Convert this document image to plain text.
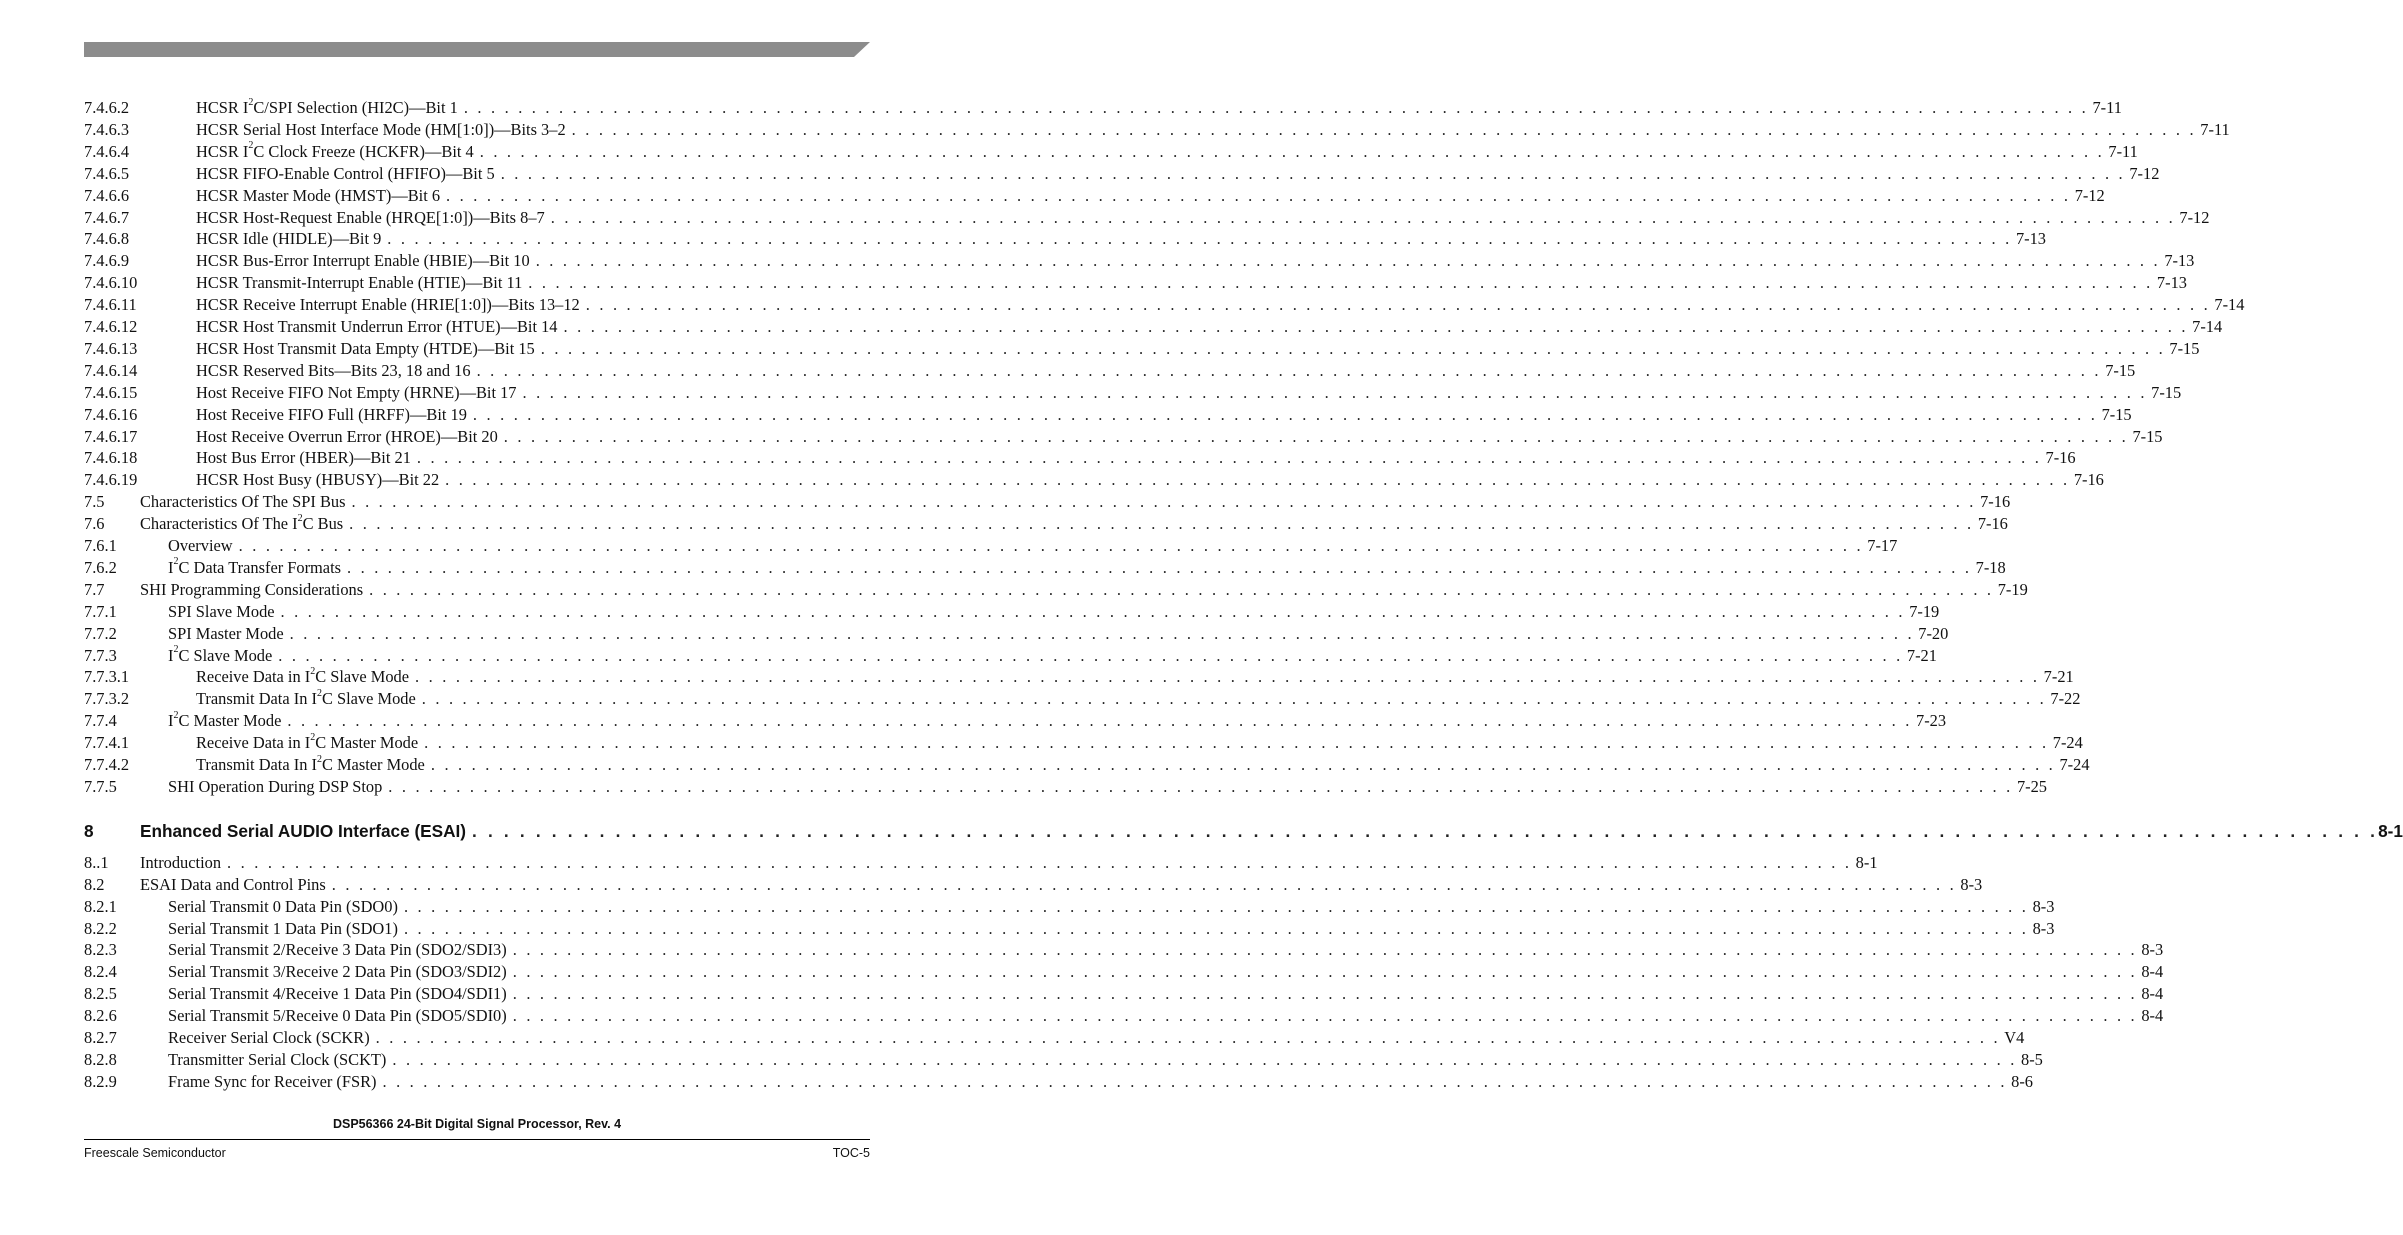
7.4.6.2	HCSR $I^2C$/SPI Selection (HI2C)—Bit 1 . . . . . . . . . . . . . . . . . . . . . . . . . . . . . . . . . . . . . . . . . . . . . . . . . . . . . . . . . . . . . . . . . . . . . . . . . . . . . . . . . . . . . . . . . . . . . . . . . . . . . . . . . . . . . . . . . . . . . . . . 7-11
7.4.6.3	HCSR Serial Host Interface Mode (HM[1:0])—Bits 3–2 . . . . . . . . . . . . . . . . . . . . . . . . . . . . . . . . . . . . . . . . . . . . . . . . . . . . . . . . . . . . . . . . . . . . . . . . . . . . . . . . . . . . . . . . . . . . . . . . . . . . . . . . . . . . . . . . . . . . . . . . 7-11
7.4.6.4	HCSR $I^2C$ Clock Freeze (HCKFR)—Bit 4 . . . . . . . . . . . . . . . . . . . . . . . . . . . . . . . . . . . . . . . . . . . . . . . . . . . . . . . . . . . . . . . . . . . . . . . . . . . . . . . . . . . . . . . . . . . . . . . . . . . . . . . . . . . . . . . . . . . . . . . . 7-11
7.4.6.5	HCSR FIFO-Enable Control (HFIFO)—Bit 5 . . . . . . . . . . . . . . . . . . . . . . . . . . . . . . . . . . . . . . . . . . . . . . . . . . . . . . . . . . . . . . . . . . . . . . . . . . . . . . . . . . . . . . . . . . . . . . . . . . . . . . . . . . . . . . . . . . . . . . . . 7-12
7.4.6.6	HCSR Master Mode (HMST)—Bit 6 . . . . . . . . . . . . . . . . . . . . . . . . . . . . . . . . . . . . . . . . . . . . . . . . . . . . . . . . . . . . . . . . . . . . . . . . . . . . . . . . . . . . . . . . . . . . . . . . . . . . . . . . . . . . . . . . . . . . . . . . 7-12
7.4.6.7	HCSR Host-Request Enable (HRQE[1:0])—Bits 8–7 . . . . . . . . . . . . . . . . . . . . . . . . . . . . . . . . . . . . . . . . . . . . . . . . . . . . . . . . . . . . . . . . . . . . . . . . . . . . . . . . . . . . . . . . . . . . . . . . . . . . . . . . . . . . . . . . . . . . . . . . 7-12
7.4.6.8	HCSR Idle (HIDLE)—Bit 9 . . . . . . . . . . . . . . . . . . . . . . . . . . . . . . . . . . . . . . . . . . . . . . . . . . . . . . . . . . . . . . . . . . . . . . . . . . . . . . . . . . . . . . . . . . . . . . . . . . . . . . . . . . . . . . . . . . . . . . . . 7-13
7.4.6.9	HCSR Bus-Error Interrupt Enable (HBIE)—Bit 10 . . . . . . . . . . . . . . . . . . . . . . . . . . . . . . . . . . . . . . . . . . . . . . . . . . . . . . . . . . . . . . . . . . . . . . . . . . . . . . . . . . . . . . . . . . . . . . . . . . . . . . . . . . . . . . . . . . . . . . . . 7-13
7.4.6.10	HCSR Transmit-Interrupt Enable (HTIE)—Bit 11 . . . . . . . . . . . . . . . . . . . . . . . . . . . . . . . . . . . . . . . . . . . . . . . . . . . . . . . . . . . . . . . . . . . . . . . . . . . . . . . . . . . . . . . . . . . . . . . . . . . . . . . . . . . . . . . . . . . . . . . . 7-13
7.4.6.11	HCSR Receive Interrupt Enable (HRIE[1:0])—Bits 13–12 . . . . . . . . . . . . . . . . . . . . . . . . . . . . . . . . . . . . . . . . . . . . . . . . . . . . . . . . . . . . . . . . . . . . . . . . . . . . . . . . . . . . . . . . . . . . . . . . . . . . . . . . . . . . . . . . . . . . . . . . 7-14
7.4.6.12	HCSR Host Transmit Underrun Error (HTUE)—Bit 14 . . . . . . . . . . . . . . . . . . . . . . . . . . . . . . . . . . . . . . . . . . . . . . . . . . . . . . . . . . . . . . . . . . . . . . . . . . . . . . . . . . . . . . . . . . . . . . . . . . . . . . . . . . . . . . . . . . . . . . . . 7-14
7.4.6.13	HCSR Host Transmit Data Empty (HTDE)—Bit 15 . . . . . . . . . . . . . . . . . . . . . . . . . . . . . . . . . . . . . . . . . . . . . . . . . . . . . . . . . . . . . . . . . . . . . . . . . . . . . . . . . . . . . . . . . . . . . . . . . . . . . . . . . . . . . . . . . . . . . . . . 7-15
7.4.6.14	HCSR Reserved Bits—Bits 23, 18 and 16 . . . . . . . . . . . . . . . . . . . . . . . . . . . . . . . . . . . . . . . . . . . . . . . . . . . . . . . . . . . . . . . . . . . . . . . . . . . . . . . . . . . . . . . . . . . . . . . . . . . . . . . . . . . . . . . . . . . . . . . . 7-15
7.4.6.15	Host Receive FIFO Not Empty (HRNE)—Bit 17 . . . . . . . . . . . . . . . . . . . . . . . . . . . . . . . . . . . . . . . . . . . . . . . . . . . . . . . . . . . . . . . . . . . . . . . . . . . . . . . . . . . . . . . . . . . . . . . . . . . . . . . . . . . . . . . . . . . . . . . . 7-15
7.4.6.16	Host Receive FIFO Full (HRFF)—Bit 19 . . . . . . . . . . . . . . . . . . . . . . . . . . . . . . . . . . . . . . . . . . . . . . . . . . . . . . . . . . . . . . . . . . . . . . . . . . . . . . . . . . . . . . . . . . . . . . . . . . . . . . . . . . . . . . . . . . . . . . . . 7-15
7.4.6.17	Host Receive Overrun Error (HROE)—Bit 20 . . . . . . . . . . . . . . . . . . . . . . . . . . . . . . . . . . . . . . . . . . . . . . . . . . . . . . . . . . . . . . . . . . . . . . . . . . . . . . . . . . . . . . . . . . . . . . . . . . . . . . . . . . . . . . . . . . . . . . . . 7-15
7.4.6.18	Host Bus Error (HBER)—Bit 21 . . . . . . . . . . . . . . . . . . . . . . . . . . . . . . . . . . . . . . . . . . . . . . . . . . . . . . . . . . . . . . . . . . . . . . . . . . . . . . . . . . . . . . . . . . . . . . . . . . . . . . . . . . . . . . . . . . . . . . . . 7-16
7.4.6.19	HCSR Host Busy (HBUSY)—Bit 22 . . . . . . . . . . . . . . . . . . . . . . . . . . . . . . . . . . . . . . . . . . . . . . . . . . . . . . . . . . . . . . . . . . . . . . . . . . . . . . . . . . . . . . . . . . . . . . . . . . . . . . . . . . . . . . . . . . . . . . . . 7-16
7.5 Characteristics Of The SPI Bus . . . . . . . . . . . . . . . . . . . . . . . . . . . . . . . . . . . . . . . . . . . . . . . . . . . . . . . . . . . . . . . . . . . . . . . . . . . . . . . . . . . . . . . . . . . . . . . . . . . . . . . . . . . . . . . . . . . . . . . . 7-16
7.6 Characteristics Of The $I^2C$ Bus . . . . . . . . . . . . . . . . . . . . . . . . . . . . . . . . . . . . . . . . . . . . . . . . . . . . . . . . . . . . . . . . . . . . . . . . . . . . . . . . . . . . . . . . . . . . . . . . . . . . . . . . . . . . . . . . . . . . . . . . 7-16
7.6.1	Overview . . . . . . . . . . . . . . . . . . . . . . . . . . . . . . . . . . . . . . . . . . . . . . . . . . . . . . . . . . . . . . . . . . . . . . . . . . . . . . . . . . . . . . . . . . . . . . . . . . . . . . . . . . . . . . . . . . . . . . . . 7-17
7.6.2	$I^2C$ Data Transfer Formats . . . . . . . . . . . . . . . . . . . . . . . . . . . . . . . . . . . . . . . . . . . . . . . . . . . . . . . . . . . . . . . . . . . . . . . . . . . . . . . . . . . . . . . . . . . . . . . . . . . . . . . . . . . . . . . . . . . . . . . . 7-18
7.7 SHI Programming Considerations . . . . . . . . . . . . . . . . . . . . . . . . . . . . . . . . . . . . . . . . . . . . . . . . . . . . . . . . . . . . . . . . . . . . . . . . . . . . . . . . . . . . . . . . . . . . . . . . . . . . . . . . . . . . . . . . . . . . . . . . 7-19
7.7.1	SPI Slave Mode . . . . . . . . . . . . . . . . . . . . . . . . . . . . . . . . . . . . . . . . . . . . . . . . . . . . . . . . . . . . . . . . . . . . . . . . . . . . . . . . . . . . . . . . . . . . . . . . . . . . . . . . . . . . . . . . . . . . . . . . 7-19
7.7.2	SPI Master Mode . . . . . . . . . . . . . . . . . . . . . . . . . . . . . . . . . . . . . . . . . . . . . . . . . . . . . . . . . . . . . . . . . . . . . . . . . . . . . . . . . . . . . . . . . . . . . . . . . . . . . . . . . . . . . . . . . . . . . . . . 7-20
7.7.3	$I^2C$ Slave Mode . . . . . . . . . . . . . . . . . . . . . . . . . . . . . . . . . . . . . . . . . . . . . . . . . . . . . . . . . . . . . . . . . . . . . . . . . . . . . . . . . . . . . . . . . . . . . . . . . . . . . . . . . . . . . . . . . . . . . . . . 7-21
7.7.3.1	Receive Data in $I^2C$ Slave Mode . . . . . . . . . . . . . . . . . . . . . . . . . . . . . . . . . . . . . . . . . . . . . . . . . . . . . . . . . . . . . . . . . . . . . . . . . . . . . . . . . . . . . . . . . . . . . . . . . . . . . . . . . . . . . . . . . . . . . . . . 7-21
7.7.3.2	Transmit Data In $I^2C$ Slave Mode . . . . . . . . . . . . . . . . . . . . . . . . . . . . . . . . . . . . . . . . . . . . . . . . . . . . . . . . . . . . . . . . . . . . . . . . . . . . . . . . . . . . . . . . . . . . . . . . . . . . . . . . . . . . . . . . . . . . . . . . 7-22
7.7.4	$I^2C$ Master Mode . . . . . . . . . . . . . . . . . . . . . . . . . . . . . . . . . . . . . . . . . . . . . . . . . . . . . . . . . . . . . . . . . . . . . . . . . . . . . . . . . . . . . . . . . . . . . . . . . . . . . . . . . . . . . . . . . . . . . . . . 7-23
7.7.4.1	Receive Data in $I^2C$ Master Mode . . . . . . . . . . . . . . . . . . . . . . . . . . . . . . . . . . . . . . . . . . . . . . . . . . . . . . . . . . . . . . . . . . . . . . . . . . . . . . . . . . . . . . . . . . . . . . . . . . . . . . . . . . . . . . . . . . . . . . . . 7-24
7.7.4.2	Transmit Data In $I^2C$ Master Mode . . . . . . . . . . . . . . . . . . . . . . . . . . . . . . . . . . . . . . . . . . . . . . . . . . . . . . . . . . . . . . . . . . . . . . . . . . . . . . . . . . . . . . . . . . . . . . . . . . . . . . . . . . . . . . . . . . . . . . . . 7-24
7.7.5	SHI Operation During DSP Stop . . . . . . . . . . . . . . . . . . . . . . . . . . . . . . . . . . . . . . . . . . . . . . . . . . . . . . . . . . . . . . . . . . . . . . . . . . . . . . . . . . . . . . . . . . . . . . . . . . . . . . . . . . . . . . . . . . . . . . . . 7-25
8	Enhanced Serial AUDIO Interface (ESAI) . . . . . . . . . . . . . . . . . . . . . . . . . . . . . . . . . . . . . . . . . . . . . . . . . . . . . . . . . . . . . . . . . . . . . . . . . . . . . . . . . . . . . . . . . . . . . . . . . . . . . . . . . . . . . . . . . . . . . . . . 8-1
8..1 Introduction . . . . . . . . . . . . . . . . . . . . . . . . . . . . . . . . . . . . . . . . . . . . . . . . . . . . . . . . . . . . . . . . . . . . . . . . . . . . . . . . . . . . . . . . . . . . . . . . . . . . . . . . . . . . . . . . . . . . . . . . 8-1
8.2 ESAI Data and Control Pins . . . . . . . . . . . . . . . . . . . . . . . . . . . . . . . . . . . . . . . . . . . . . . . . . . . . . . . . . . . . . . . . . . . . . . . . . . . . . . . . . . . . . . . . . . . . . . . . . . . . . . . . . . . . . . . . . . . . . . . . 8-3
8.2.1	Serial Transmit 0 Data Pin (SDO0) . . . . . . . . . . . . . . . . . . . . . . . . . . . . . . . . . . . . . . . . . . . . . . . . . . . . . . . . . . . . . . . . . . . . . . . . . . . . . . . . . . . . . . . . . . . . . . . . . . . . . . . . . . . . . . . . . . . . . . . . 8-3
8.2.2	Serial Transmit 1 Data Pin (SDO1) . . . . . . . . . . . . . . . . . . . . . . . . . . . . . . . . . . . . . . . . . . . . . . . . . . . . . . . . . . . . . . . . . . . . . . . . . . . . . . . . . . . . . . . . . . . . . . . . . . . . . . . . . . . . . . . . . . . . . . . . 8-3
8.2.3	Serial Transmit 2/Receive 3 Data Pin (SDO2/SDI3) . . . . . . . . . . . . . . . . . . . . . . . . . . . . . . . . . . . . . . . . . . . . . . . . . . . . . . . . . . . . . . . . . . . . . . . . . . . . . . . . . . . . . . . . . . . . . . . . . . . . . . . . . . . . . . . . . . . . . . . . 8-3
8.2.4	Serial Transmit 3/Receive 2 Data Pin (SDO3/SDI2) . . . . . . . . . . . . . . . . . . . . . . . . . . . . . . . . . . . . . . . . . . . . . . . . . . . . . . . . . . . . . . . . . . . . . . . . . . . . . . . . . . . . . . . . . . . . . . . . . . . . . . . . . . . . . . . . . . . . . . . . 8-4
8.2.5	Serial Transmit 4/Receive 1 Data Pin (SDO4/SDI1) . . . . . . . . . . . . . . . . . . . . . . . . . . . . . . . . . . . . . . . . . . . . . . . . . . . . . . . . . . . . . . . . . . . . . . . . . . . . . . . . . . . . . . . . . . . . . . . . . . . . . . . . . . . . . . . . . . . . . . . . 8-4
8.2.6	Serial Transmit 5/Receive 0 Data Pin (SDO5/SDI0) . . . . . . . . . . . . . . . . . . . . . . . . . . . . . . . . . . . . . . . . . . . . . . . . . . . . . . . . . . . . . . . . . . . . . . . . . . . . . . . . . . . . . . . . . . . . . . . . . . . . . . . . . . . . . . . . . . . . . . . . 8-4
8.2.7	Receiver Serial Clock (SCKR) . . . . . . . . . . . . . . . . . . . . . . . . . . . . . . . . . . . . . . . . . . . . . . . . . . . . . . . . . . . . . . . . . . . . . . . . . . . . . . . . . . . . . . . . . . . . . . . . . . . . . . . . . . . . . . . . . . . . . . . . V4
8.2.8	Transmitter Serial Clock (SCKT) . . . . . . . . . . . . . . . . . . . . . . . . . . . . . . . . . . . . . . . . . . . . . . . . . . . . . . . . . . . . . . . . . . . . . . . . . . . . . . . . . . . . . . . . . . . . . . . . . . . . . . . . . . . . . . . . . . . . . . . . 8-5
8.2.9	Frame Sync for Receiver (FSR) . . . . . . . . . . . . . . . . . . . . . . . . . . . . . . . . . . . . . . . . . . . . . . . . . . . . . . . . . . . . . . . . . . . . . . . . . . . . . . . . . . . . . . . . . . . . . . . . . . . . . . . . . . . . . . . . . . . . . . . . 8-6
DSP56366 24-Bit Digital Signal Processor, Rev. 4
Freescale Semiconductor	TOC-5
